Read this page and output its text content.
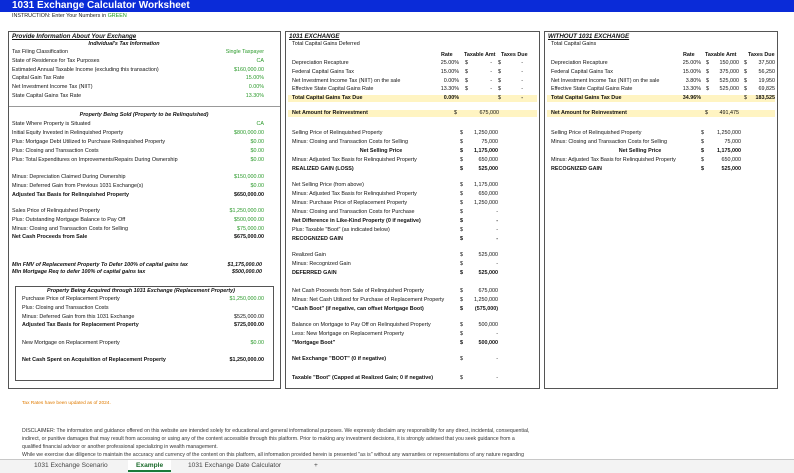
1031 Exchange Calculator Worksheet
INSTRUCTION: Enter Your Numbers in GREEN
Provide Information About Your Exchange
Individual's Tax Information
Tax Filing Classification	Single Taxpayer
State of Residence for Tax Purposes	CA
Estimated Annual Taxable Income (excluding this transaction)	$160,000.00
Capital Gain Tax Rate	15.00%
Net Investment Income Tax (NIIT)	0.00%
State Capital Gains Tax Rate	13.30%
Property Being Sold (Property to be Relinquished)
State Where Property is Situated	CA
Initial Equity Invested in Relinquished Property	$800,000.00
Plus: Mortgage Debt Utilized to Purchase Relinquished Property	$0.00
Plus: Closing and Transaction Costs	$0.00
Plus: Total Expenditures on Improvements/Repairs During Ownership	$0.00
Minus: Depreciation Claimed During Ownership	$150,000.00
Minus: Deferred Gain from Previous 1031 Exchange(s)	$0.00
Adjusted Tax Basis for Relinquished Property	$650,000.00
Sales Price of Relinquished Property	$1,250,000.00
Plus: Outstanding Mortgage Balance to Pay Off	$500,000.00
Minus: Closing and Transaction Costs for Selling	$75,000.00
Net Cash Proceeds from Sale	$675,000.00
Min FMV of Replacement Property To Defer 100% of capital gains tax	$1,175,000.00
Min Mortgage Req to defer 100% of capital gains tax	$500,000.00
Property Being Acquired through 1031 Exchange (Replacement Property)
Purchase Price of Replacement Property	$1,250,000.00
Plus: Closing and Transaction Costs
Minus: Deferred Gain from this 1031 Exchange	$525,000.00
Adjusted Tax Basis for Replacement Property	$725,000.00
New Mortgage on Replacement Property	$0.00
Net Cash Spent on Acquisition of Replacement Property	$1,250,000.00
Tax Rates have been updated as of 2024.
1031 EXCHANGE
Total Capital Gains Deferred
Rate Taxable Amt Taxes Due
Depreciation Recapture	25.00% $	- $	-
Federal Capital Gains Tax	15.00% $	- $	-
Net Investment Income Tax (NIIT) on the sale	0.00% $	- $	-
Effective State Capital Gains Rate	13.30% $	- $	-
Total Capital Gains Tax Due	0.00%	$	-
Net Amount for Reinvestment	$	675,000
Selling Price of Relinquished Property	$	1,250,000
Minus: Closing and Transaction Costs for Selling	$	75,000
Net Selling Price	$	1,175,000
Minus: Adjusted Tax Basis for Relinquished Property	$	650,000
REALIZED GAIN (LOSS)	$	525,000
Net Selling Price (from above)	$	1,175,000
Minus: Adjusted Tax Basis for Relinquished Property	$	650,000
Minus: Purchase Price of Replacement Property	$	1,250,000
Minus: Closing and Transaction Costs for Purchase	$	-
Net Difference in Like-Kind Property (0 if negative)	$	-
Plus: Taxable "Boot" (as indicated below)	$	-
RECOGNIZED GAIN	$	-
Realized Gain	$	525,000
Minus: Recognized Gain	$	-
DEFERRED GAIN	$	525,000
Net Cash Proceeds from Sale of Relinquished Property	$	675,000
Minus: Net Cash Utilized for Purchase of Replacement Property	$	1,250,000
"Cash Boot" (if negative, can offset Mortgage Boot)	$	(575,000)
Balance on Mortgage to Pay Off on Relinquished Property	$	500,000
Less: New Mortgage on Replacement Property	$	-
"Mortgage Boot"	$	500,000
Net Exchange "BOOT" (0 if negative)	$	-
Taxable "Boot" (Capped at Realized Gain; 0 if negative)	$	-
WITHOUT 1031 EXCHANGE
Total Capital Gains
Rate Taxable Amt Taxes Due
Depreciation Recapture	25.00% $	150,000 $	37,500
Federal Capital Gains Tax	15.00% $	375,000 $	56,250
Net Investment Income Tax (NIIT) on the sale	3.80% $	525,000 $	19,950
Effective State Capital Gains Rate	13.30% $	525,000 $	69,825
Total Capital Gains Tax Due	34.96%	$	183,525
Net Amount for Reinvestment	$	491,475
Selling Price of Relinquished Property	$	1,250,000
Minus: Closing and Transaction Costs for Selling	$	75,000
Net Selling Price	$	1,175,000
Minus: Adjusted Tax Basis for Relinquished Property	$	650,000
RECOGNIZED GAIN	$	525,000
DISCLAIMER: The information and guidance offered on this website are intended solely for educational and general informational purposes. We expressly disclaim any responsibility for any direct, incidental, consequential,
indirect, or punitive damages that may result from accessing or using any of the content accessible through this platform. Prior to making any investment decisions, it is strongly advised that you seek guidance from a
qualified financial advisor or another professional specializing in wealth management.
While we exercise due diligence to maintain the accuracy and currency of the content on this platform, all information provided herein is presented "as is" without any warranties or representations of any nature regarding
1031 Exchange Scenario	Example	1031 Exchange Date Calculator	+
